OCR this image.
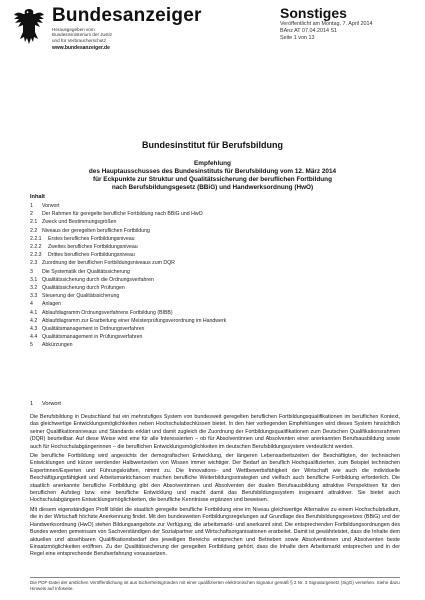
Bundesanzeiger
Herausgegeben vom
Bundesministerium der Justiz
und für Verbraucherschutz
www.bundesanzeiger.de
Sonstiges
Veröffentlicht am Montag, 7. April 2014
BAnz AT 07.04.2014 S1
Seite 1 von 13
Bundesinstitut für Berufsbildung
Empfehlung
des Hauptausschusses des Bundesinstituts für Berufsbildung vom 12. März 2014
für Eckpunkte zur Struktur und Qualitätssicherung der beruflichen Fortbildung
nach Berufsbildungsgesetz (BBiG) und Handwerksordnung (HwO)
Inhalt
1	Vorwort
2	Der Rahmen für geregelte berufliche Fortbildung nach BBiG und HwO
2.1 Zweck und Bestimmungsgrößen
2.2 Niveaus der geregelten beruflichen Fortbildung
2.2.1	Erstes berufliches Fortbildungsniveau
2.2.2	Zweites berufliches Fortbildungsniveau
2.2.3	Drittes berufliches Fortbildungsniveau
2.3 Zuordnung der beruflichen Fortbildungsniveaus zum DQR
3	Die Systematik der Qualitätssicherung
3.1 Qualitätssicherung durch die Ordnungsverfahren
3.2 Qualitätssicherung durch Prüfungen
3.3 Steuerung der Qualitätssicherung
4	Anlagen
4.1 Ablaufdiagramm Ordnungsverfahrens Fortbildung (BIBB)
4.2 Ablaufdiagramm zur Erarbeitung einer Meisterprüfungsverordnung im Handwerk
4.3 Qualitätsmanagement in Ordnungsverfahren
4.4 Qualitätsmanagement in Prüfungsverfahren
5	Abkürzungen
1 Vorwort

Die Berufsbildung in Deutschland hat ein mehrstufiges System von bundesweit geregelten beruflichen Fortbildungsqualifikationen im beruflichen Kontext, das gleichwertige Entwicklungsmöglichkeiten neben Hochschulabschlüssen bietet. In den hier vorliegenden Empfehlungen wird dieses System hinsichtlich seiner Qualifikationsniveaus und Standards erklärt und damit zugleich die Zuordnung der Fortbildungsqualifikationen zum Deutschen Qualifikationsrahmen (DQR) beurteilbar. Auf diese Weise wird eine für alle Interessierten – ob für Absolventinnen und Absolventen einer anerkannten Berufsausbildung sowie auch für Hochschulabgängerinnen – die beruflichen Entwicklungsmöglichkeiten im deutschen Berufsbildungssystem verdeutlicht werden.

Die berufliche Fortbildung wird angesichts der demografischen Entwicklung, der längeren Lebensarbeitszeiten der Beschäftigten, der technischen Entwicklungen und kürzer werdender Halbwertzeiten von Wissen immer wichtiger. Der Bedarf an beruflich Hochqualifizierten, zum Beispiel technischen Expertinnen/Experten und Führungskräften, nimmt zu. Die Innovations- und Wettbewerbsfähigkeit der Wirtschaft wie auch die individuelle Beschäftigungsfähigkeit und Arbeitsmarktchancen machen berufliche Weiterbildungsstrategien und vielfach auch berufliche Fortbildung erforderlich. Die staatlich anerkannte berufliche Fortbildung gibt den Absolventinnen und Absolventen der dualen Berufsausbildung attraktive Perspektiven für den beruflichen Aufstieg bzw. eine berufliche Entwicklung und macht damit das Berufsbildungssystem insgesamt attraktiver. Sie bietet auch Hochschulabgängern Entwicklungsmöglichkeiten, die berufliche Kenntnisse ergänzen und beweisen.

Mit diesem eigenständigen Profil bildet die staatlich geregelte berufliche Fortbildung eine im Niveau gleichwertige Alternative zu einem Hochschulstudium, die in der Wirtschaft höchste Anerkennung findet. Mit den bundesweiten Fortbildungsregelungen auf Grundlage des Berufsbildungsgesetzes (BBiG) und der Handwerksordnung (HwO) stehen Bildungsangebote zur Verfügung, die arbeitsmarkt- und anerkannt sind. Die entsprechenden Fortbildungsordnungen des Bundes werden gemeinsam von Sachverständigen der Sozialpartner und Wirtschaftsorganisationen erarbeitet. Damit ist gewährleistet, dass die Inhalte dem aktuellen und absehbaren Qualifikationsbedarf des jeweiligen Bereichs entsprechen und Betrieben sowie Absolventinnen und Absolventen beste Einsatzmöglichkeiten eröffnen. Zu der Qualitätssicherung der geregelten Fortbildung gehört, dass die Inhalte dem Arbeitsmarkt entsprechen und in der Regel eine entsprechende Berufserfahrung voraussetzen.

Die PDF-Datei der amtlichen Veröffentlichung ist aus Sicherheitsgründen mit einer qualifizierten elektronischen Signatur gemäß § 2 Nr. 3 Signaturgesetz (SigG) versehen. Siehe dazu Hinweis auf Infoseite.
